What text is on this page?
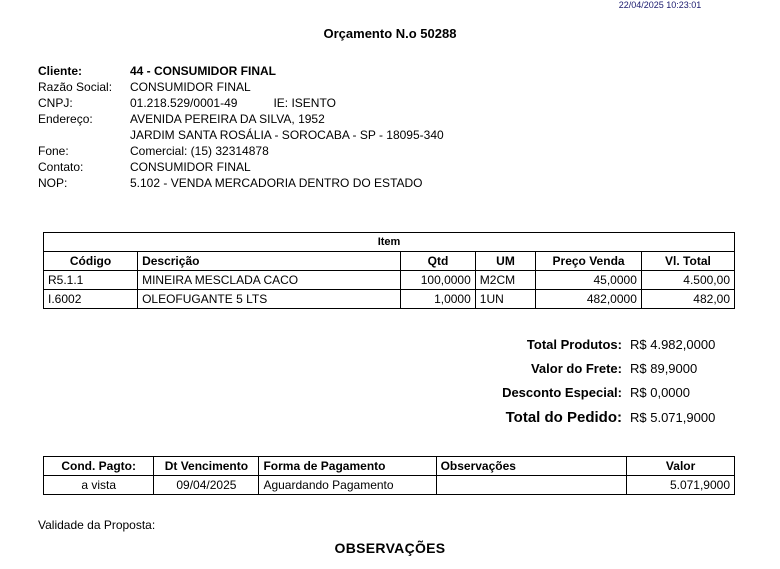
22/04/2025 10:23:01
Orçamento N.o 50288
Cliente:	44 - CONSUMIDOR FINAL
Razão Social:	CONSUMIDOR FINAL
CNPJ:	01.218.529/0001-49	IE: ISENTO
Endereço:	AVENIDA PEREIRA DA SILVA, 1952
JARDIM SANTA ROSÁLIA - SOROCABA - SP - 18095-340
Fone:	Comercial: (15) 32314878
Contato:	CONSUMIDOR FINAL
NOP:	5.102 - VENDA MERCADORIA DENTRO DO ESTADO
Item					
Código	Descrição	Qtd	UM	Preço Venda	Vl. Total
R5.1.1	MINEIRA MESCLADA CACO	100,0000	M2CM	45,0000	4.500,00
I.6002	OLEOFUGANTE 5 LTS	1,0000	1UN	482,0000	482,00
Total Produtos: R$ 4.982,0000
Valor do Frete: R$ 89,9000
Desconto Especial: R$ 0,0000
Total do Pedido: R$ 5.071,9000
Cond. Pagto:	Dt Vencimento	Forma de Pagamento	Observações	Valor
a vista	09/04/2025	Aguardando Pagamento		5.071,9000
Validade da Proposta:
OBSERVAÇÕES
